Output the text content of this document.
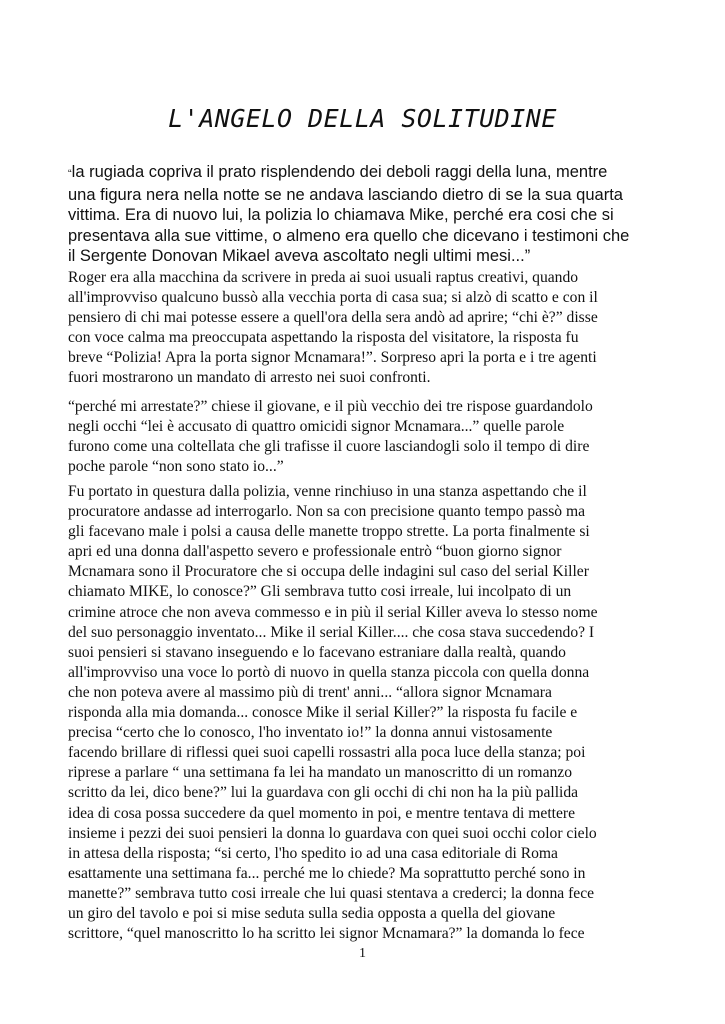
L'ANGELO DELLA SOLITUDINE
“la rugiada copriva il prato risplendendo dei deboli raggi della luna, mentre
una figura nera nella notte se ne andava lasciando dietro di se la sua quarta
vittima. Era di nuovo lui, la polizia lo chiamava Mike, perché era cosi che si
presentava alla sue vittime, o almeno era quello che dicevano i testimoni che
il Sergente Donovan Mikael aveva ascoltato negli ultimi mesi...”
Roger era alla macchina da scrivere in preda ai suoi usuali raptus creativi, quando
all'improvviso qualcuno bussò alla vecchia porta di casa sua; si alzò di scatto e con il
pensiero di chi mai potesse essere a quell'ora della sera andò ad aprire; “chi è?” disse
con voce calma ma preoccupata aspettando la risposta del visitatore, la risposta fu
breve “Polizia! Apra la porta signor Mcnamara!”. Sorpreso apri la porta e i tre agenti
fuori mostrarono un mandato di arresto nei suoi confronti.
“perché mi arrestate?” chiese il giovane, e il più vecchio dei tre rispose guardandolo
negli occhi “lei è accusato di quattro omicidi signor Mcnamara...” quelle parole
furono come una coltellata che gli trafisse il cuore lasciandogli solo il tempo di dire
poche parole “non sono stato io...”
Fu portato in questura dalla polizia, venne rinchiuso in una stanza aspettando che il
procuratore andasse ad interrogarlo. Non sa con precisione quanto tempo passò ma
gli facevano male i polsi a causa delle manette troppo strette. La porta finalmente si
apri ed una donna dall'aspetto severo e professionale entrò “buon giorno signor
Mcnamara sono il Procuratore che si occupa delle indagini sul caso del serial Killer
chiamato MIKE, lo conosce?” Gli sembrava tutto cosi irreale, lui incolpato di un
crimine atroce che non aveva commesso e in più il serial Killer aveva lo stesso nome
del suo personaggio inventato... Mike il serial Killer.... che cosa stava succedendo? I
suoi pensieri si stavano inseguendo e lo facevano estraniare dalla realtà, quando
all'improvviso una voce lo portò di nuovo in quella stanza piccola con quella donna
che non poteva avere al massimo più di trent' anni... “allora signor Mcnamara
risponda alla mia domanda... conosce Mike il serial Killer?” la risposta fu facile e
precisa “certo che lo conosco, l'ho inventato io!” la donna annui vistosamente
facendo brillare di riflessi quei suoi capelli rossastri alla poca luce della stanza; poi
riprese a parlare “ una settimana fa lei ha mandato un manoscritto di un romanzo
scritto da lei, dico bene?” lui la guardava con gli occhi di chi non ha la più pallida
idea di cosa possa succedere da quel momento in poi, e mentre tentava di mettere
insieme i pezzi dei suoi pensieri la donna lo guardava con quei suoi occhi color cielo
in attesa della risposta; “si certo, l'ho spedito io ad una casa editoriale di Roma
esattamente una settimana fa... perché me lo chiede? Ma soprattutto perché sono in
manette?” sembrava tutto cosi irreale che lui quasi stentava a crederci; la donna fece
un giro del tavolo e poi si mise seduta sulla sedia opposta a quella del giovane
scrittore, “quel manoscritto lo ha scritto lei signor Mcnamara?” la domanda lo fece
1
